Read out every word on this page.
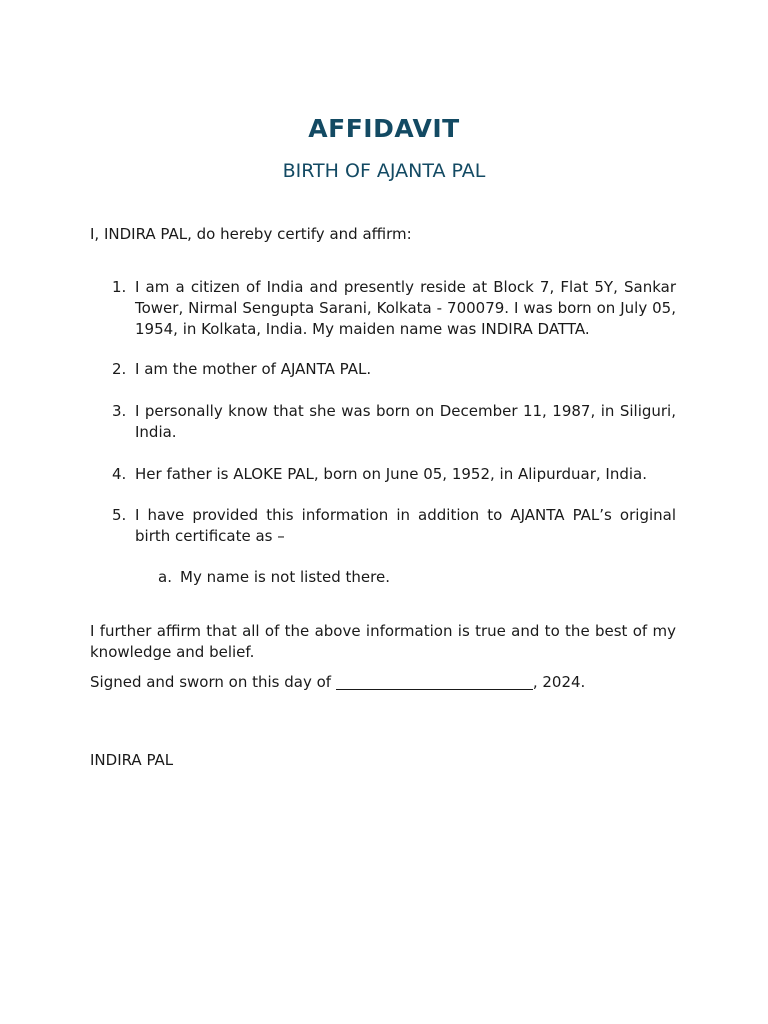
AFFIDAVIT
BIRTH OF AJANTA PAL
I, INDIRA PAL, do hereby certify and affirm:
1. I am a citizen of India and presently reside at Block 7, Flat 5Y, Sankar Tower, Nirmal Sengupta Sarani, Kolkata - 700079. I was born on July 05, 1954, in Kolkata, India. My maiden name was INDIRA DATTA.
2. I am the mother of AJANTA PAL.
3. I personally know that she was born on December 11, 1987, in Siliguri, India.
4. Her father is ALOKE PAL, born on June 05, 1952, in Alipurduar, India.
5. I have provided this information in addition to AJANTA PAL’s original birth certificate as –
a. My name is not listed there.
I further affirm that all of the above information is true and to the best of my knowledge and belief.
Signed and sworn on this day of	, 2024.
INDIRA PAL
